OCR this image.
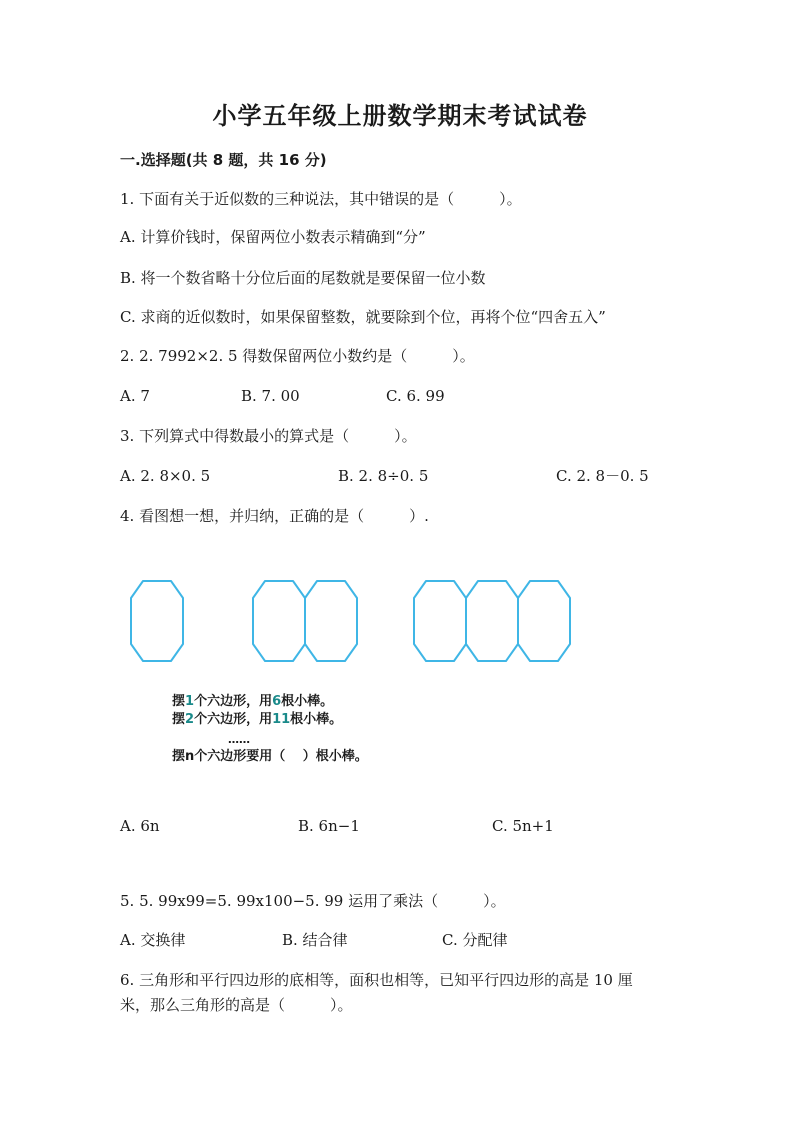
小学五年级上册数学期末考试试卷
一.选择题(共 8 题，共 16 分)
1. 下面有关于近似数的三种说法，其中错误的是（　　　）。
A. 计算价钱时，保留两位小数表示精确到“分”
B. 将一个数省略十分位后面的尾数就是要保留一位小数
C. 求商的近似数时，如果保留整数，就要除到个位，再将个位“四舍五入”
2. 2. 7992×2. 5 得数保留两位小数约是（　　　）。
A. 7	B. 7. 00	C. 6. 99
3. 下列算式中得数最小的算式是（　　　）。
A. 2. 8×0. 5	B. 2. 8÷0. 5	C. 2. 8－0. 5
4. 看图想一想，并归纳，正确的是（　　　）.
摆1个六边形，用6根小棒。
摆2个六边形，用11根小棒。
……
摆n个六边形要用（　 ）根小棒。
A. 6n	B. 6n−1	C. 5n+1
5. 5. 99x99=5. 99x100−5. 99 运用了乘法（　　　）。
A. 交换律	B. 结合律	C. 分配律
6. 三角形和平行四边形的底相等，面积也相等，已知平行四边形的高是 10 厘
米，那么三角形的高是（　　　）。
